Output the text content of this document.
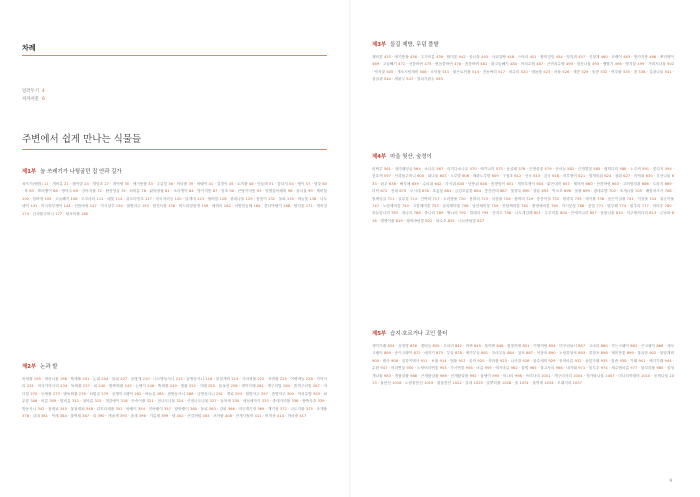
차례
일러두기 4
저자서문 6
주변에서 쉽게 만나는 식물들
제1부 늘 쓰레기가 나뒹굴던 집 안과 길가
쇠뜨기(뱀밥) 11 · 개비름 21 · 괭이밥 24 · 개망초 27 · 개여뀌 30 · 애기똥풀 33 · 주름잎 36 · 까마중 39 · 바랭이 41 · 질경이 45 · 토끼풀 48 · 민들레 51 · 꽃다지 54 · 냉이 57 · 별꽃 60 · 쑥 63 · 뽀리뱅이 66 · 명아주 69 · 강아지풀 72 · 환삼덩굴 75 · 쇠비름 78 · 닭의장풀 81 · 소리쟁이 84 · 방가지똥 87 · 망초 90 · 큰방가지똥 93 · 털별꽃아재비 96 · 돌나물 99 · 제비꽃 102 · 씀바귀 105 · 고들빼기 108 · 도꼬마리 111 · 메꽃 114 · 쥐꼬리망초 117 · 미국자리공 120 · 달개비 123 · 꿩의밥 126 · 광대나물 129 · 봄맞이 132 · 돌피 135 · 바늘꽃 138 · 나도냉이 141 · 미국쑥부쟁이 144 · 선씀바귀 147 · 가시상추 150 · 흰명아주 153 · 털진득찰 156 · 며느리밑씻개 159 · 메귀리 162 · 서양민들레 165 · 콩다닥냉이 168 · 양지꽃 171 · 개쑥갓 174 · 산괴불주머니 177 · 새포아풀 180
제2부 논과 밭
둑새풀 195 · 벼룩나물 198 · 뚝새풀 201 · 논피 204 · 물피 207 · 올방개 210 · 너도방동사니 213 · 알방동사니 216 · 물달개비 219 · 사마귀풀 222 · 자귀풀 225 · 여뀌바늘 228 · 가막사리 231 · 미국가막사리 234 · 둑새풀 237 · 피 240 · 밭뚝외풀 243 · 논냉이 246 · 뚝새풀 249 · 벗풀 252 · 가래 255 · 물옥잠 258 · 생이가래 261 · 개구리밥 264 · 좀개구리밥 267 · 마디꽃 270 · 등에풀 273 · 밭둑외풀 276 · 쇠털골 279 · 올챙이고랭이 282 · 바늘골 285 · 참방동사니 288 · 금방동사니 291 · 개피 294 · 흰명아주 297 · 좀명아주 300 · 까치수염 303 · 쇠무릎 306 · 비름 309 · 털비름 312 · 청비름 315 · 개갓냉이 318 · 속속이풀 321 · 점나도나물 324 · 큰점나도나물 327 · 들묵새 330 · 새섬매자기 333 · 중대가리풀 336 · 밭뚝사초 339 · 방동사니 342 · 참새피 345 · 물참새피 348 · 쥐꼬리새풀 351 · 바랭이 354 · 민바랭이 357 · 왕바랭이 360 · 돌피 363 · 강피 366 · 미국개기장 369 · 개기장 372 · 나도겨풀 375 · 조개풀 378 · 갈대 381 · 억새 384 · 물억새 387 · 띠 390 · 개솔새 393 · 솔새 396 · 기름새 399 · 새 402 · 큰김의털 405 · 포아풀 408 · 큰개사철쑥 411 · 어저귀 414 · 까마중 417
제3부 들길 제방, 무덤 풀밭
제비꽃 433 · 애기똥풀 436 · 주걱비름 439 · 할미꽃 442 · 솜나물 445 · 사위질빵 448 · 으아리 451 · 할미밀망 454 · 엉겅퀴 457 · 지칭개 460 · 조뱅이 463 · 방가지똥 466 · 뽀리뱅이 469 · 고들빼기 472 · 선씀바귀 475 · 벋음씀바귀 478 · 좀씀바귀 481 · 왕고들빼기 484 · 까치수염 487 · 큰까치수염 490 · 짚신나물 493 · 뱀딸기 496 · 양지꽃 499 · 가락지나물 502 · 딱지꽃 505 · 개소시랑개비 508 · 오이풀 511 · 붉은토끼풀 514 · 전동싸리 517 · 비수리 520 · 매듭풀 523 · 차풀 526 · 새콩 529 · 돌콩 532 · 여우팥 535 · 칡 538 · 갈퀴나물 541 · 살갈퀴 544 · 새완두 547 · 얼치기완두 550
제4부 마을 뒷산, 숲정이
비짜루 561 · 청미래덩굴 564 · 소나무 567 · 리기다소나무 570 · 애기나리 573 · 둥굴레 576 · 은방울꽃 579 · 산마늘 582 · 큰개별꽃 585 · 꿩의다리 588 · 노루귀 591 · 꽃다지 594 · 현호색 597 · 산괴불주머니 600 · 피나물 603 · 노루발 606 · 매화노루발 609 · 구절초 612 · 산국 615 · 감국 618 · 쑥부쟁이 621 · 벌개미취 624 · 참취 627 · 미역취 630 · 우산나물 633 · 삽주 636 · 뻐꾹채 639 · 수리취 642 · 각시취 645 · 단풍취 648 · 솜방망이 651 · 개쑥부쟁이 654 · 맑은대쑥 657 · 제비쑥 660 · 산씀바귀 663 · 고려엉겅퀴 666 · 도라지 669 · 더덕 672 · 잔대 675 · 모시대 678 · 초롱꽃 681 · 금강초롱꽃 684 · 층층잔대 687 · 꽃향유 690 · 향유 693 · 익모초 696 · 꿀풀 699 · 광대수염 702 · 조개나물 705 · 배암차즈기 708 · 벌깨덩굴 711 · 골무꽃 714 · 산박하 717 · 오리방풀 720 · 용머리 723 · 석잠풀 726 · 쉽싸리 729 · 층층이꽃 732 · 털향유 735 · 애기풀 738 · 둥근이질풀 741 · 이질풀 744 · 쥐손이풀 747 · 노랑제비꽃 750 · 고깔제비꽃 753 · 알록제비꽃 756 · 남산제비꽃 759 · 잔털제비꽃 762 · 졸방제비꽃 765 · 각시붓꽃 768 · 붓꽃 771 · 범부채 774 · 원추리 777 · 비비추 780 · 하늘말나리 783 · 참나리 786 · 중나리 789 · 땅나리 792 · 얼레지 795 · 산자고 798 · 나도개감채 801 · 두루미꽃 804 · 큰애기나리 807 · 윤판나물 810 · 자주꿩의다리 813 · 금낭화 816 · 깽깽이풀 819 · 꿩의바람꽃 822 · 복수초 825 · 너도바람꽃 827
제5부 습지·호르거나 고인 물터
생이가래 834 · 검정말 836 · 갯버들 839 · 고마리 842 · 여뀌 845 · 물여뀌 848 · 흰꽃여뀌 851 · 기생여뀌 854 · 미꾸리낚시 857 · 고마리 860 · 가는고랭이 863 · 큰고랭이 866 · 세모고랭이 869 · 송이고랭이 872 · 매자기 875 · 부들 878 · 애기부들 881 · 꼬마부들 884 · 창포 887 · 석창포 890 · 노랑꽃창포 893 · 꽃창포 896 · 제비붓꽃 899 · 물옥잠 902 · 물달개비 905 · 택사 908 · 질경이택사 911 · 보풀 914 · 벗풀 917 · 올미 920 · 자라풀 923 · 나사말 926 · 물수세미 929 · 붕어마름 932 · 솔잎가래 935 · 말즘 938 · 가래 941 · 애기가래 944 · 수련 947 · 어리연꽃 950 · 노랑어리연꽃 953 · 가시연꽃 956 · 마름 959 · 애기마름 962 · 물밤 965 · 물고사리 968 · 네가래 971 · 물부추 974 · 세수염마름 977 · 물꼬리풀 980 · 물칭개나물 983 · 개불알풀 986 · 큰개불알풀 989 · 선개불알풀 992 · 물냉이 995 · 미나리 998 · 독미나리 1001 · 개구리자리 1004 · 젓가락나물 1007 · 미나리아재비 1010 · 동의나물 1013 · 물봉선 1016 · 노랑물봉선 1019 · 흰물봉선 1022 · 갈대 1025 · 달뿌리풀 1028 · 줄 1031 · 물억새 1034 · 모래지치 1037
9
